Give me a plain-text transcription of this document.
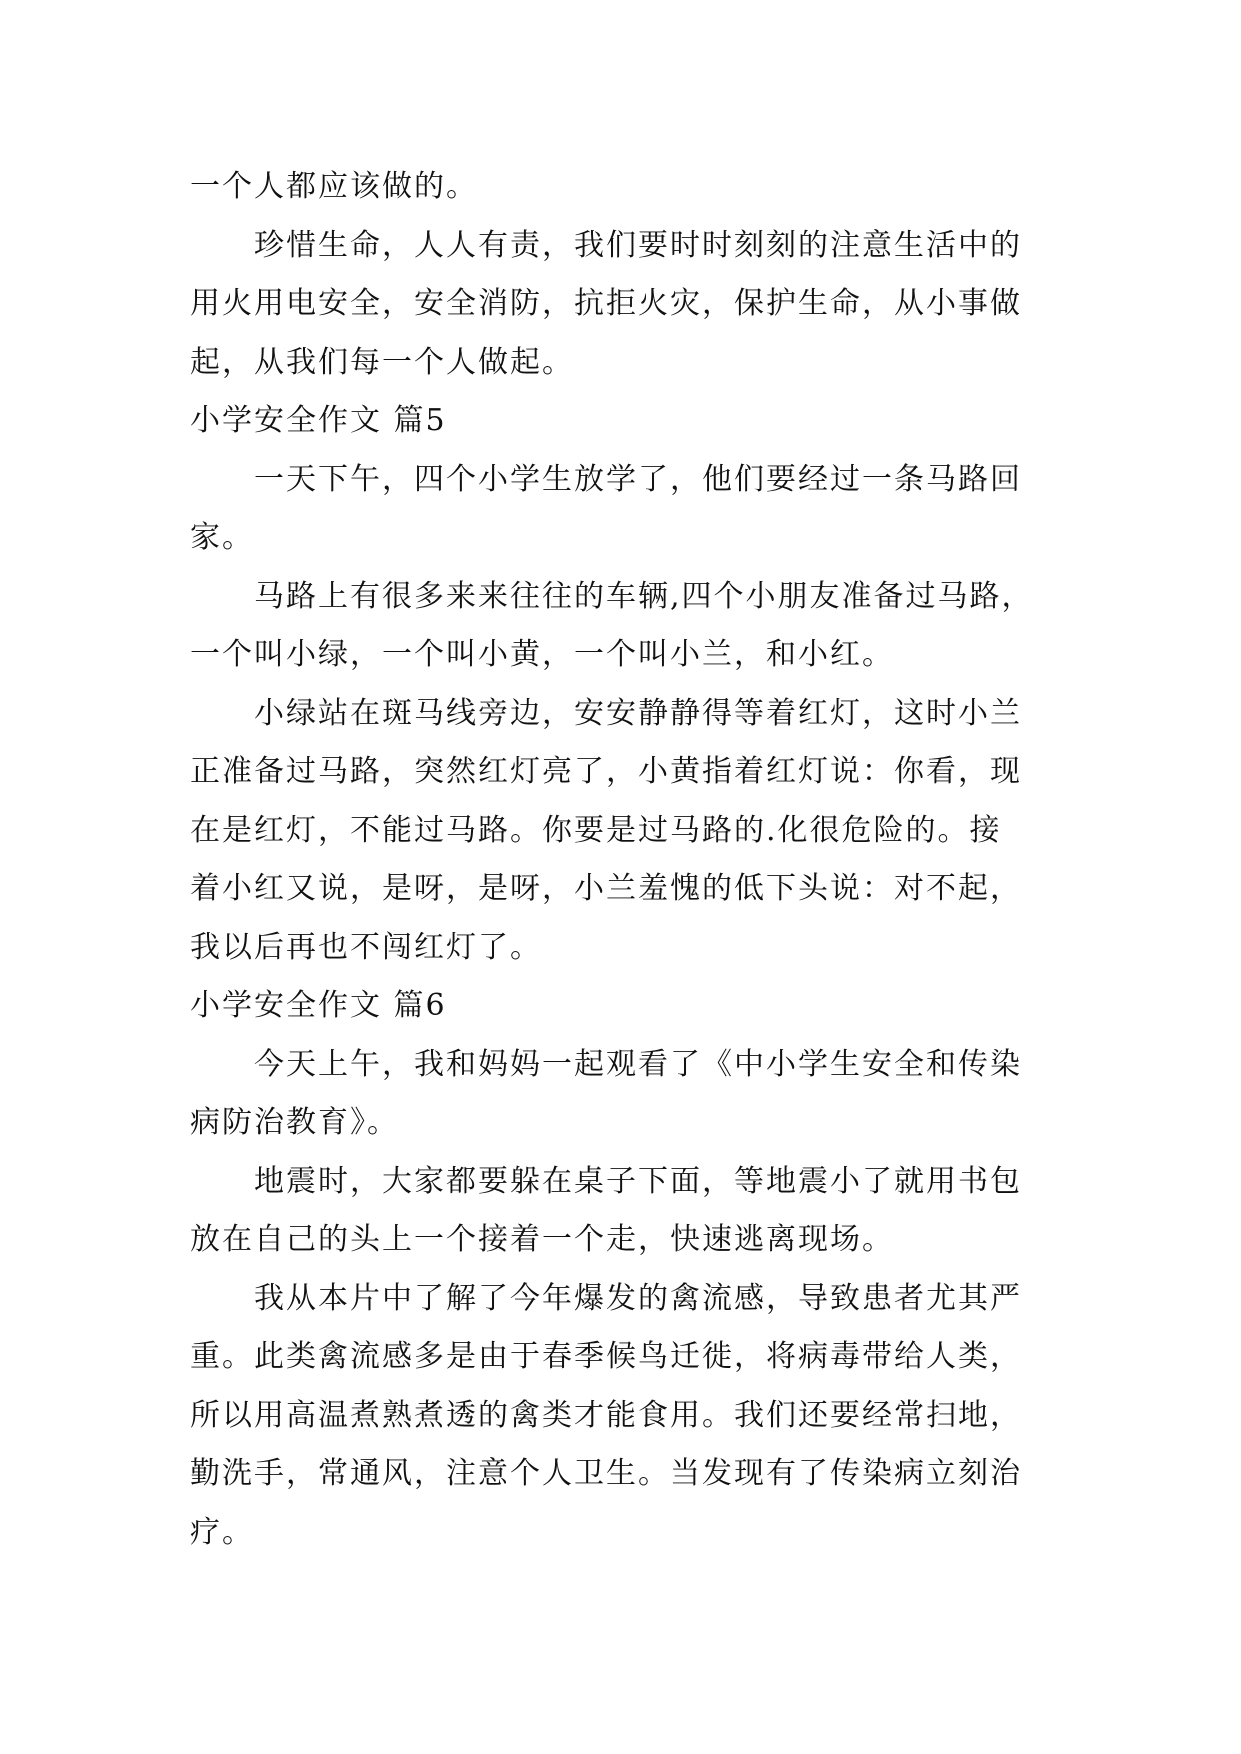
一个人都应该做的。
珍惜生命，人人有责，我们要时时刻刻的注意生活中的
用火用电安全，安全消防，抗拒火灾，保护生命，从小事做
起，从我们每一个人做起。
小学安全作文 篇5
一天下午，四个小学生放学了，他们要经过一条马路回
家。
马路上有很多来来往往的车辆,四个小朋友准备过马路，
一个叫小绿，一个叫小黄，一个叫小兰，和小红。
小绿站在斑马线旁边，安安静静得等着红灯，这时小兰
正准备过马路，突然红灯亮了，小黄指着红灯说：你看，现
在是红灯，不能过马路。你要是过马路的.化很危险的。接
着小红又说，是呀，是呀，小兰羞愧的低下头说：对不起，
我以后再也不闯红灯了。
小学安全作文 篇6
今天上午，我和妈妈一起观看了《中小学生安全和传染
病防治教育》。
地震时，大家都要躲在桌子下面，等地震小了就用书包
放在自己的头上一个接着一个走，快速逃离现场。
我从本片中了解了今年爆发的禽流感，导致患者尤其严
重。此类禽流感多是由于春季候鸟迁徙，将病毒带给人类，
所以用高温煮熟煮透的禽类才能食用。我们还要经常扫地，
勤洗手，常通风，注意个人卫生。当发现有了传染病立刻治
疗。
